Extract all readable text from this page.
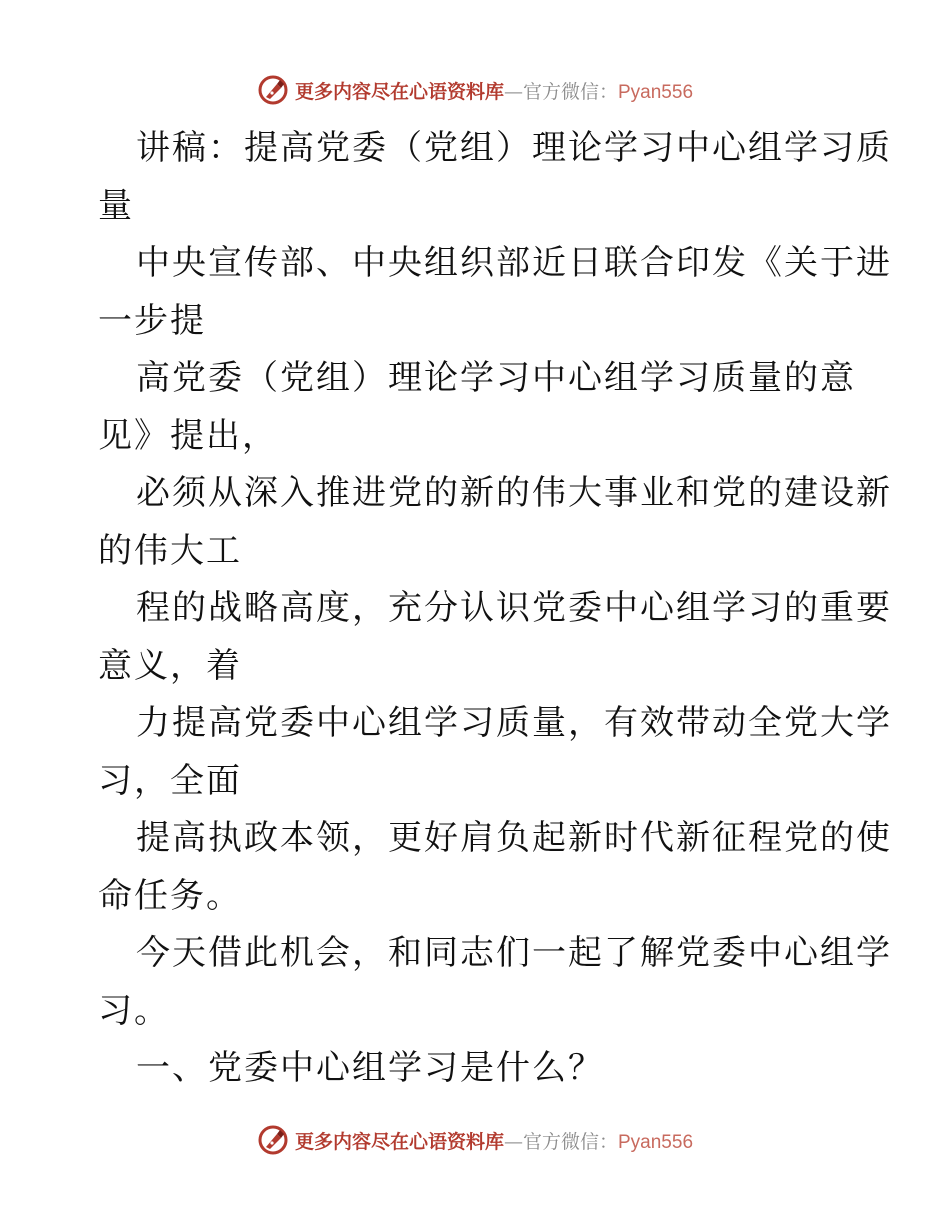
更多内容尽在心语资料库—官方微信：Pyan556
讲稿：提高党委（党组）理论学习中心组学习质
量
中央宣传部、中央组织部近日联合印发《关于进
一步提
高党委（党组）理论学习中心组学习质量的意
见》提出，
必须从深入推进党的新的伟大事业和党的建设新
的伟大工
程的战略高度，充分认识党委中心组学习的重要
意义，着
力提高党委中心组学习质量，有效带动全党大学
习，全面
提高执政本领，更好肩负起新时代新征程党的使
命任务。
今天借此机会，和同志们一起了解党委中心组学
习。
一、党委中心组学习是什么？
更多内容尽在心语资料库—官方微信：Pyan556
